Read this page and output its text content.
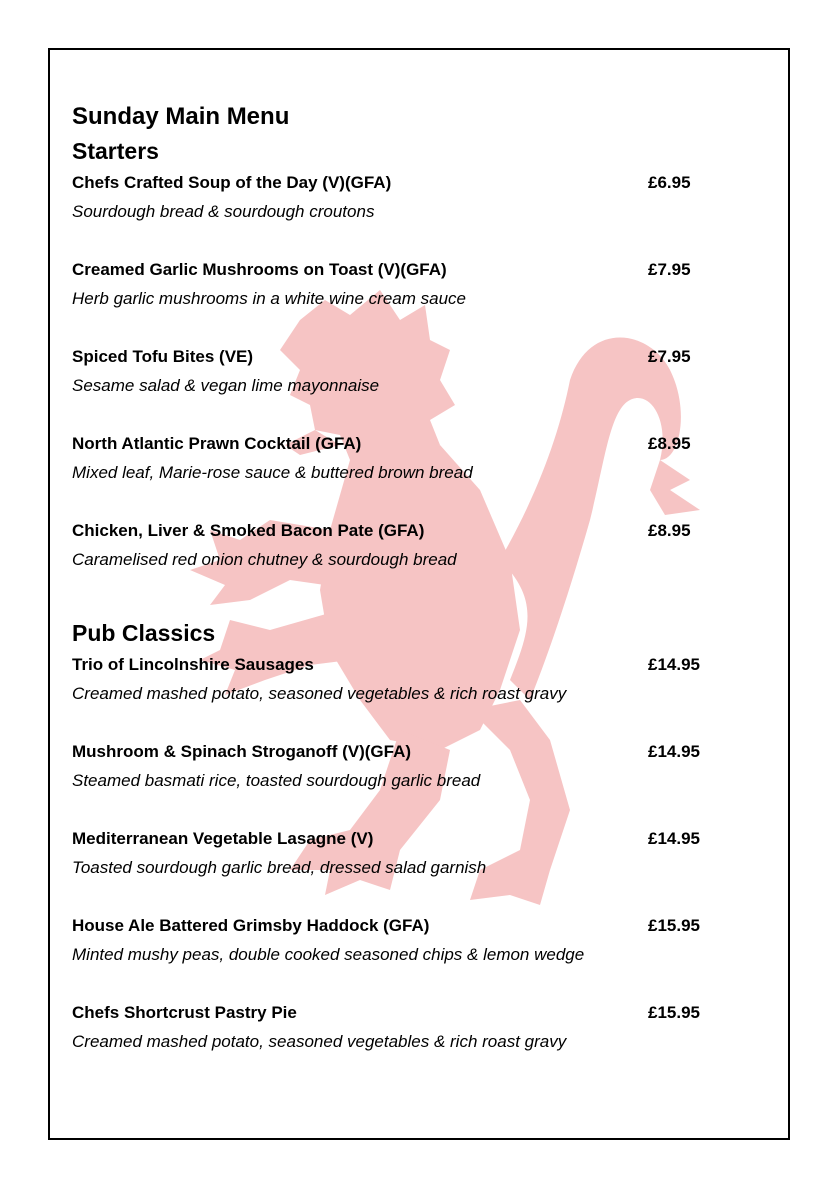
Sunday Main Menu
Starters
Chefs Crafted Soup of the Day (V)(GFA)	£6.95
Sourdough bread & sourdough croutons
Creamed Garlic Mushrooms on Toast (V)(GFA)	£7.95
Herb garlic mushrooms in a white wine cream sauce
Spiced Tofu Bites (VE)	£7.95
Sesame salad & vegan lime mayonnaise
North Atlantic Prawn Cocktail (GFA)	£8.95
Mixed leaf, Marie-rose sauce & buttered brown bread
Chicken, Liver & Smoked Bacon Pate (GFA)	£8.95
Caramelised red onion chutney & sourdough bread
Pub Classics
Trio of Lincolnshire Sausages	£14.95
Creamed mashed potato, seasoned vegetables & rich roast gravy
Mushroom & Spinach Stroganoff (V)(GFA)	£14.95
Steamed basmati rice, toasted sourdough garlic bread
Mediterranean Vegetable Lasagne (V)	£14.95
Toasted sourdough garlic bread, dressed salad garnish
House Ale Battered Grimsby Haddock (GFA)	£15.95
Minted mushy peas, double cooked seasoned chips & lemon wedge
Chefs Shortcrust Pastry Pie	£15.95
Creamed mashed potato, seasoned vegetables & rich roast gravy
